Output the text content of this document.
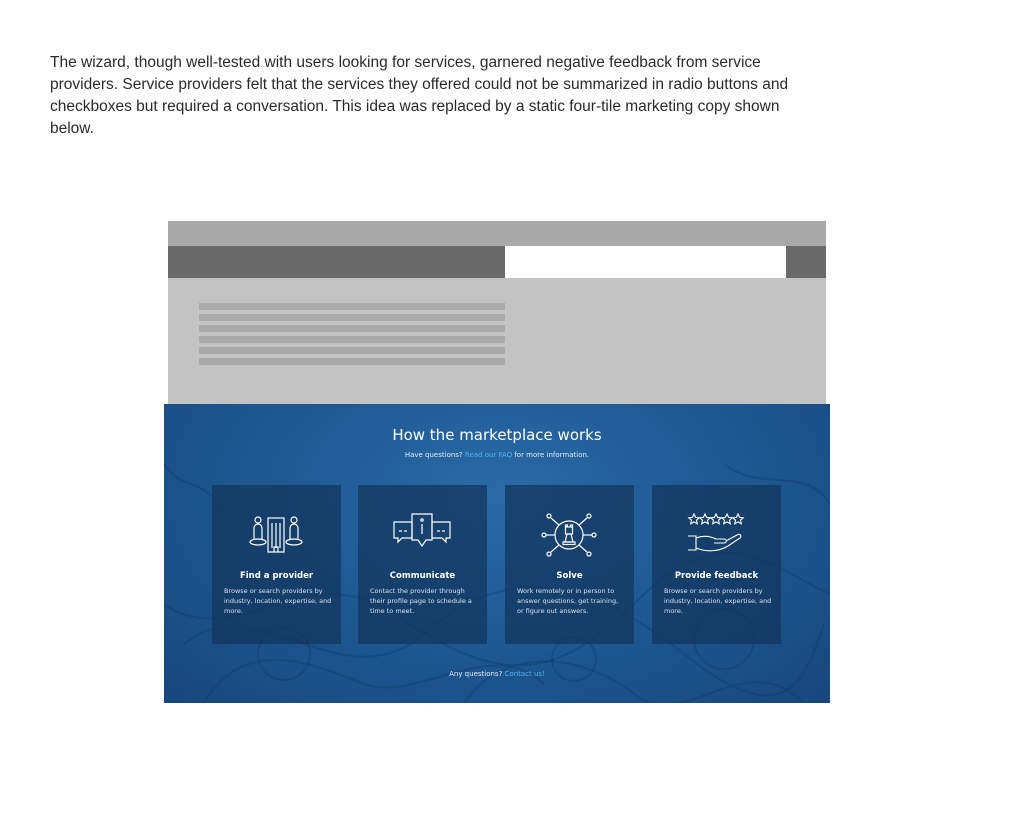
The wizard, though well-tested with users looking for services, garnered negative feedback from service providers. Service providers felt that the services they offered could not be summarized in radio buttons and checkboxes but required a conversation. This idea was replaced by a static four-tile marketing copy shown below.

How the marketplace works
Have questions? Read our FAQ for more information.
Find a provider
Browse or search providers by industry, location, expertise, and more.
Communicate
Contact the provider through their profile page to schedule a time to meet.
Solve
Work remotely or in person to answer questions, get training, or figure out answers.
Provide feedback
Browse or search providers by industry, location, expertise, and more.
Any questions? Contact us!
